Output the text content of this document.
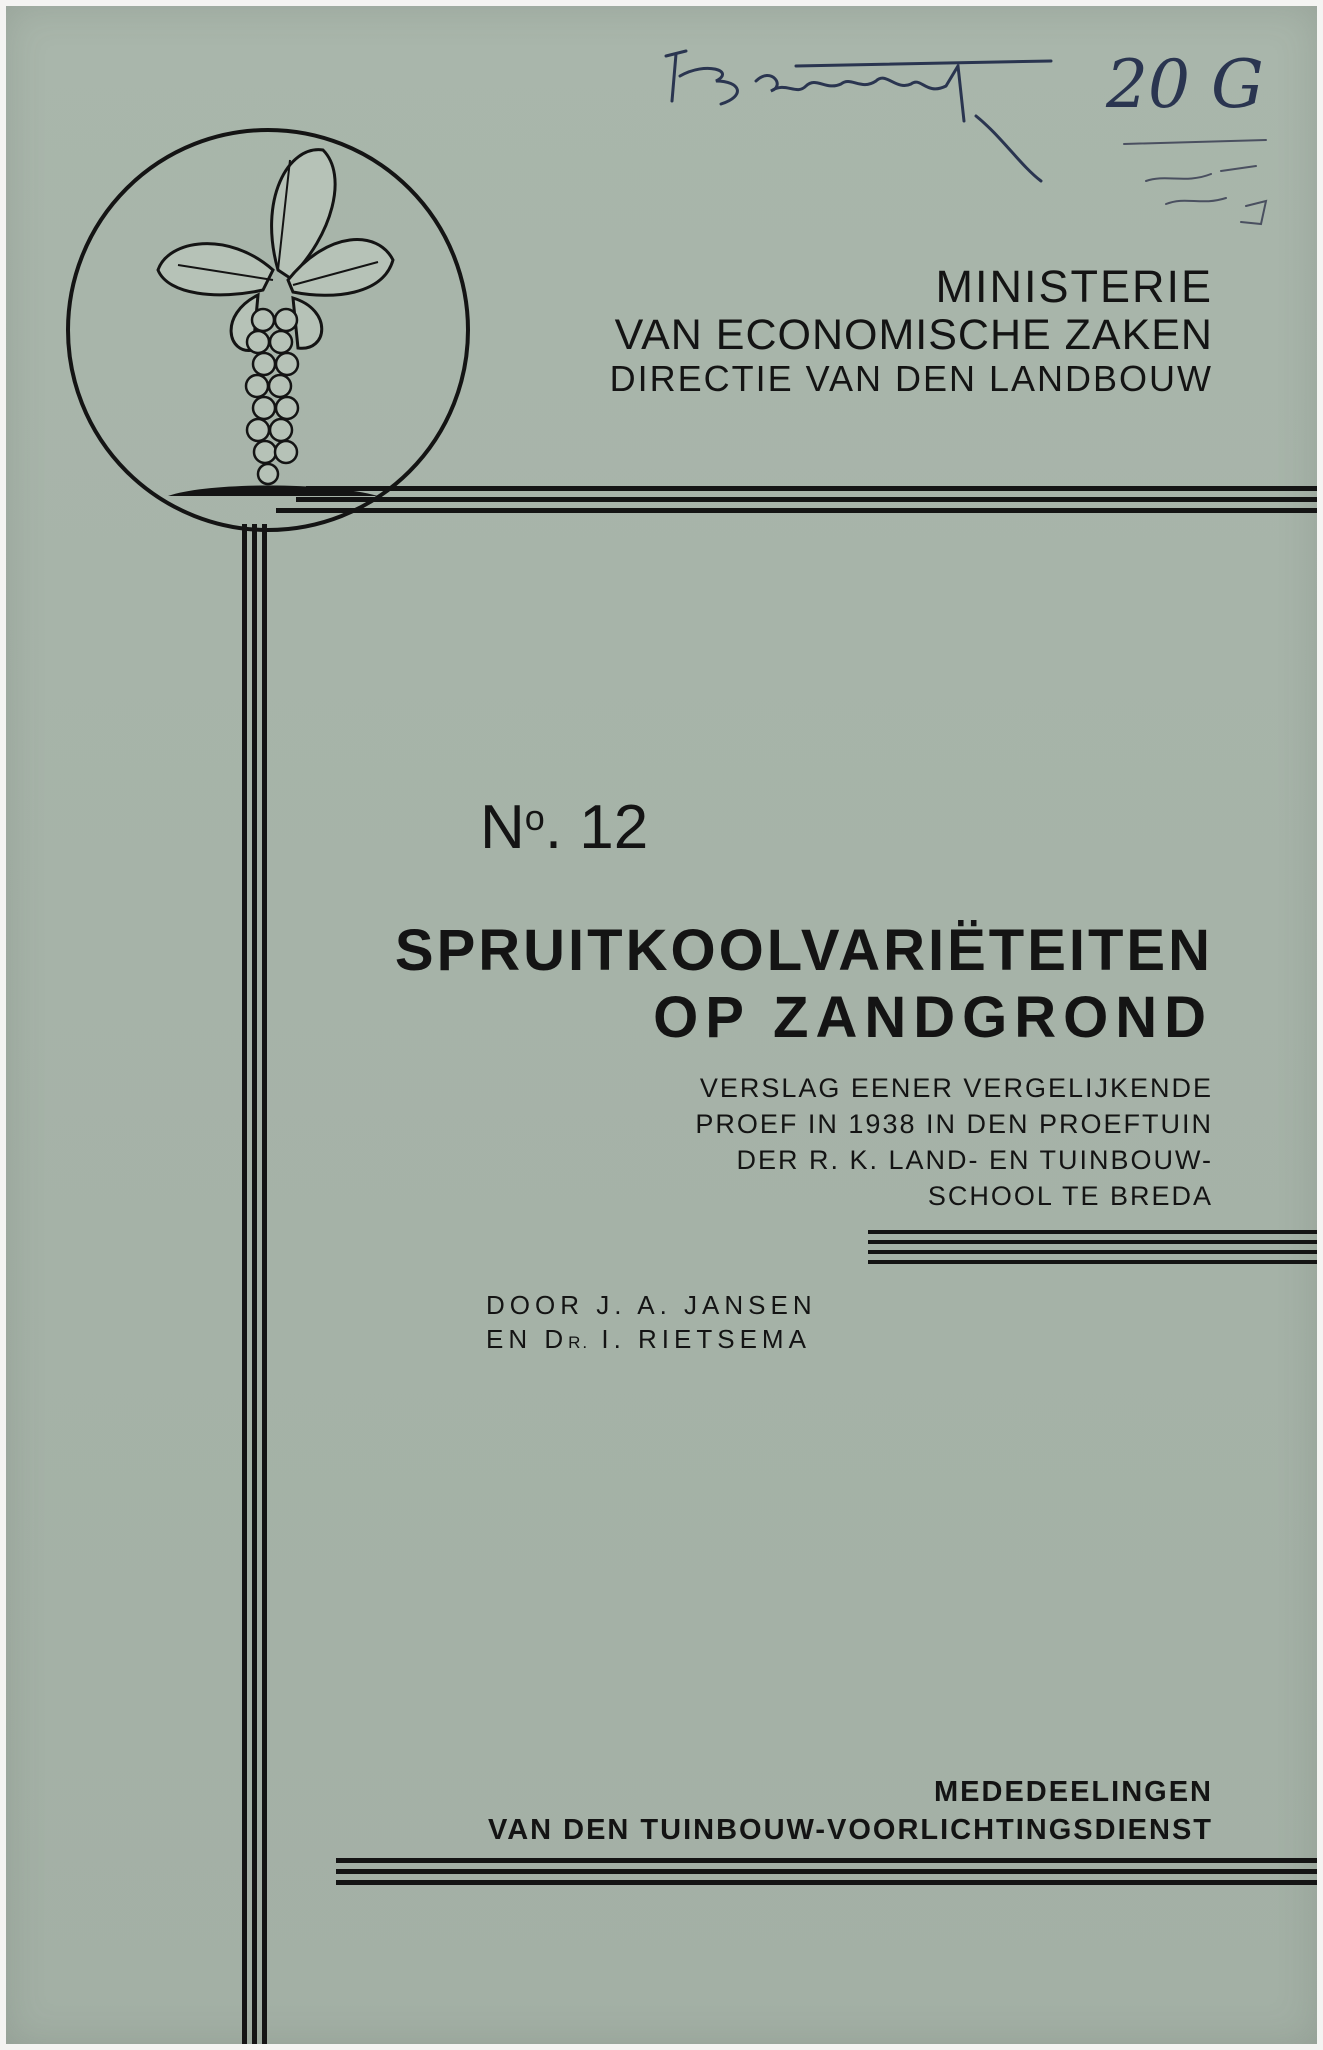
20 G
MINISTERIE
VAN ECONOMISCHE ZAKEN
DIRECTIE VAN DEN LANDBOUW
$N^o$. 12
SPRUITKOOLVARIËTEITEN
OP ZANDGROND
VERSLAG EENER VERGELIJKENDE
PROEF IN 1938 IN DEN PROEFTUIN
DER R. K. LAND- EN TUINBOUW-
SCHOOL TE BREDA
DOOR J. A. JANSEN
EN DR. I. RIETSEMA
MEDEDEELINGEN
VAN DEN TUINBOUW-VOORLICHTINGSDIENST
